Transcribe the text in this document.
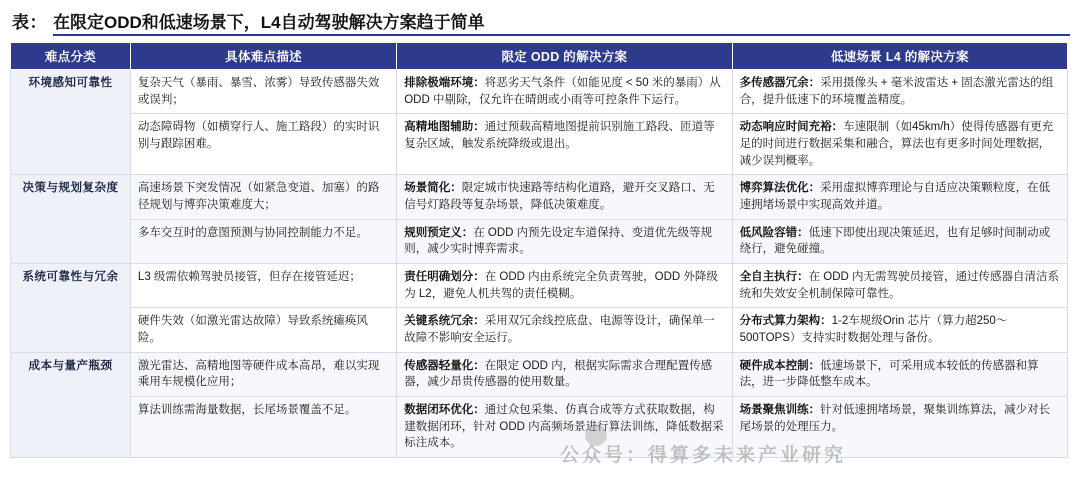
表： 在限定ODD和低速场景下，L4自动驾驶解决方案趋于简单
难点分类	具体难点描述	限定 ODD 的解决方案	低速场景 L4 的解决方案
环境感知可靠性	复杂天气（暴雨、暴雪、浓雾）导致传感器失效或误判；	排除极端环境：将恶劣天气条件（如能见度 < 50 米的暴雨）从 ODD 中剔除，仅允许在晴朗或小雨等可控条件下运行。	多传感器冗余：采用摄像头 + 毫米波雷达 + 固态激光雷达的组合，提升低速下的环境覆盖精度。
	动态障碍物（如横穿行人、施工路段）的实时识别与跟踪困难。	高精地图辅助：通过预载高精地图提前识别施工路段、匝道等复杂区域，触发系统降级或退出。	动态响应时间充裕：车速限制（如45km/h）使得传感器有更充足的时间进行数据采集和融合，算法也有更多时间处理数据，减少误判概率。
决策与规划复杂度	高速场景下突发情况（如紧急变道、加塞）的路径规划与博弈决策难度大；	场景简化：限定城市快速路等结构化道路，避开交叉路口、无信号灯路段等复杂场景，降低决策难度。	博弈算法优化：采用虚拟博弈理论与自适应决策颗粒度，在低速拥堵场景中实现高效并道。
	多车交互时的意图预测与协同控制能力不足。	规则预定义：在 ODD 内预先设定车道保持、变道优先级等规则，减少实时博弈需求。	低风险容错：低速下即使出现决策延迟，也有足够时间制动或绕行，避免碰撞。
系统可靠性与冗余	L3 级需依赖驾驶员接管，但存在接管延迟；	责任明确划分：在 ODD 内由系统完全负责驾驶，ODD 外降级为 L2，避免人机共驾的责任模糊。	全自主执行：在 ODD 内无需驾驶员接管，通过传感器自清洁系统和失效安全机制保障可靠性。
	硬件失效（如激光雷达故障）导致系统瘫痪风险。	关键系统冗余：采用双冗余线控底盘、电源等设计，确保单一故障不影响安全运行。	分布式算力架构：1-2车规级Orin 芯片（算力超250～500TOPS）支持实时数据处理与备份。
成本与量产瓶颈	激光雷达、高精地图等硬件成本高昂，难以实现乘用车规模化应用；	传感器轻量化：在限定 ODD 内，根据实际需求合理配置传感器，减少昂贵传感器的使用数量。	硬件成本控制：低速场景下，可采用成本较低的传感器和算法，进一步降低整车成本。
	算法训练需海量数据，长尾场景覆盖不足。	数据闭环优化：通过众包采集、仿真合成等方式获取数据，构建数据闭环，针对 ODD 内高频场景进行算法训练，降低数据采标注成本。	场景聚焦训练：针对低速拥堵场景，聚集训练算法，减少对长尾场景的处理压力。
公众号：得算多未来产业研究
